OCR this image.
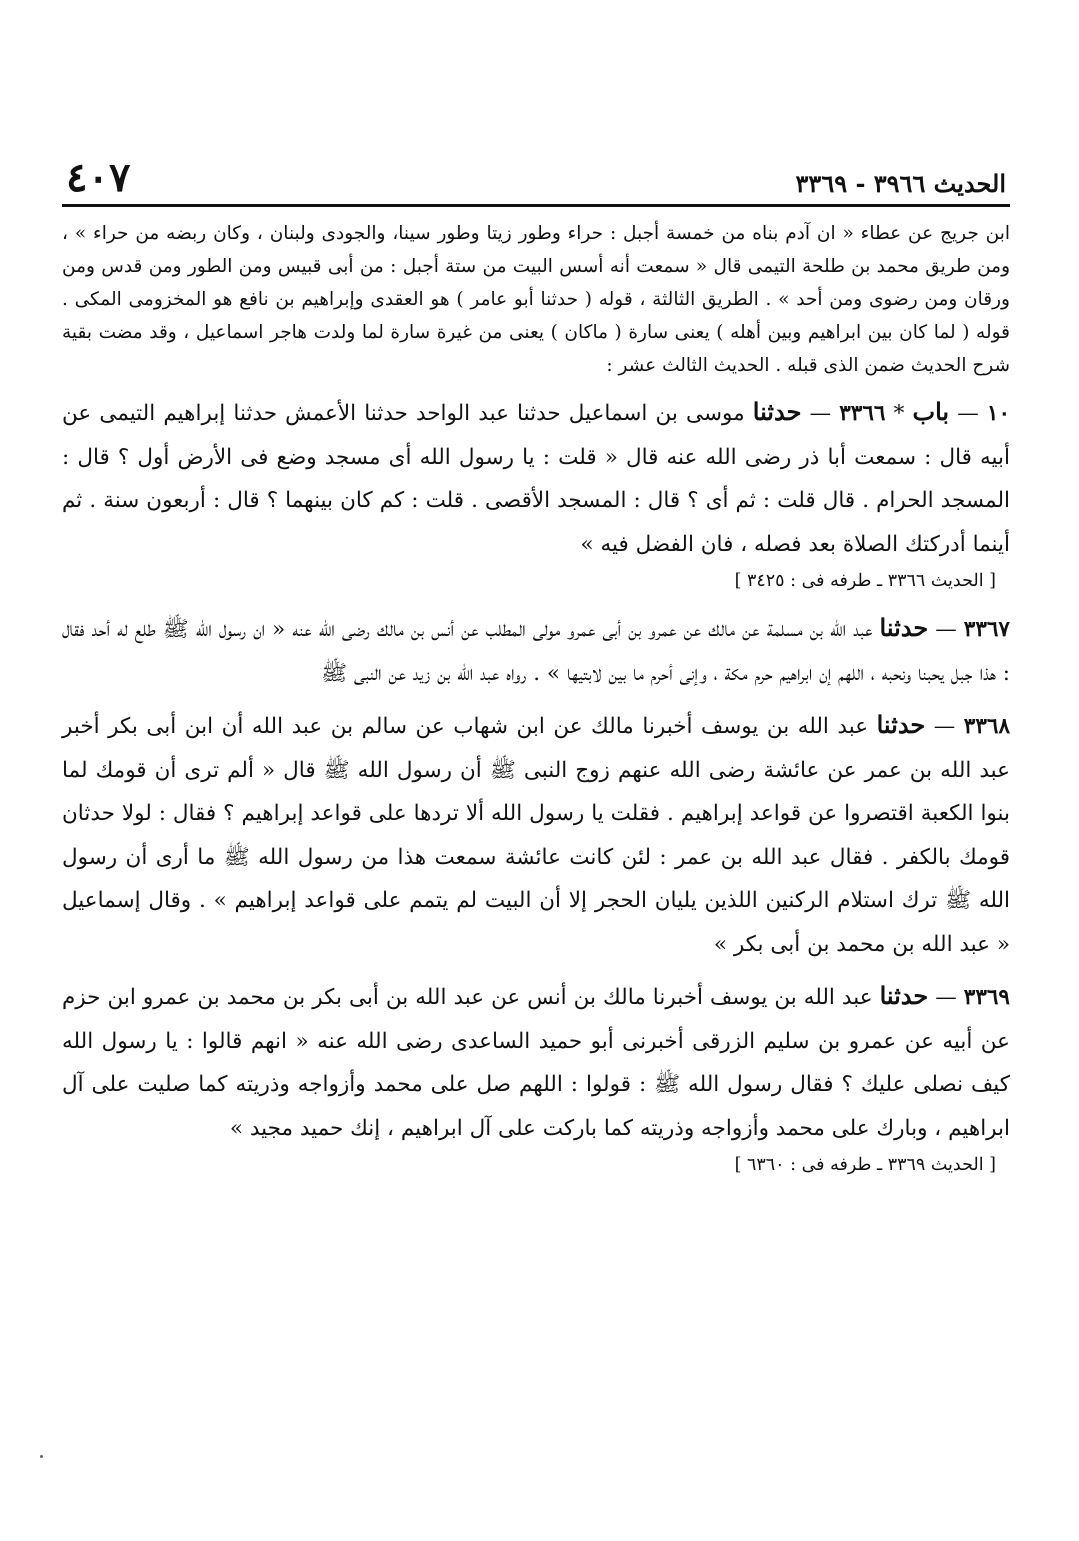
الحديث ٣٩٦٦ - ٣٣٦٩
٤٠٧

ابن جريج عن عطاء « ان آدم بناه من خمسة أجبل : حراء وطور زيتا وطور سينا، والجودى ولبنان ، وكان ربضه من حراء » ، ومن طريق محمد بن طلحة التيمى قال « سمعت أنه أسس البيت من ستة أجبل : من أبى قبيس ومن الطور ومن قدس ومن ورقان ومن رضوى ومن أحد » . الطريق الثالثة ، قوله ( حدثنا أبو عامر ) هو العقدى وإبراهيم بن نافع هو المخزومى المكى . قوله ( لما كان بين ابراهيم وبين أهله ) يعنى سارة ( ماكان ) يعنى من غيرة سارة لما ولدت هاجر اسماعيل ، وقد مضت بقية شرح الحديث ضمن الذى قبله . الحديث الثالث عشر :

١٠ — باب * ٣٣٦٦ — حدثنا موسى بن اسماعيل حدثنا عبد الواحد حدثنا الأعمش حدثنا إبراهيم التيمى عن أبيه قال : سمعت أبا ذر رضى الله عنه قال « قلت : يا رسول الله أى مسجد وضع فى الأرض أول ؟ قال : المسجد الحرام . قال قلت : ثم أى ؟ قال : المسجد الأقصى . قلت : كم كان بينهما ؟ قال : أربعون سنة . ثم أينما أدركتك الصلاة بعد فصله ، فان الفضل فيه »

[ الحديث ٣٣٦٦ ـ طرفه فى : ٣٤٢٥ ]

٣٣٦٧ — حدثنا عبد الله بن مسلمة عن مالك عن عمرو بن أبى عمرو مولى المطلب عن أنس بن مالك رضى الله عنه « ان رسول الله ﷺ طلع له أحد فقال : هذا جبل يحبنا ونحبه ، اللهم إن ابراهيم حرم مكة ، وإنى أحرم ما بين لابتيها » . رواه عبد الله بن زيد عن النبى ﷺ

٣٣٦٨ — حدثنا عبد الله بن يوسف أخبرنا مالك عن ابن شهاب عن سالم بن عبد الله أن ابن أبى بكر أخبر عبد الله بن عمر عن عائشة رضى الله عنهم زوج النبى ﷺ أن رسول الله ﷺ قال « ألم ترى أن قومك لما بنوا الكعبة اقتصروا عن قواعد إبراهيم . فقلت يا رسول الله ألا تردها على قواعد إبراهيم ؟ فقال : لولا حدثان قومك بالكفر . فقال عبد الله بن عمر : لئن كانت عائشة سمعت هذا من رسول الله ﷺ ما أرى أن رسول الله ﷺ ترك استلام الركنين اللذين يليان الحجر إلا أن البيت لم يتمم على قواعد إبراهيم » . وقال إسماعيل « عبد الله بن محمد بن أبى بكر »

٣٣٦٩ — حدثنا عبد الله بن يوسف أخبرنا مالك بن أنس عن عبد الله بن أبى بكر بن محمد بن عمرو ابن حزم عن أبيه عن عمرو بن سليم الزرقى أخبرنى أبو حميد الساعدى رضى الله عنه « انهم قالوا : يا رسول الله كيف نصلى عليك ؟ فقال رسول الله ﷺ : قولوا : اللهم صل على محمد وأزواجه وذريته كما صليت على آل ابراهيم ، وبارك على محمد وأزواجه وذريته كما باركت على آل ابراهيم ، إنك حميد مجيد »

[ الحديث ٣٣٦٩ ـ طرفه فى : ٦٣٦٠ ]
